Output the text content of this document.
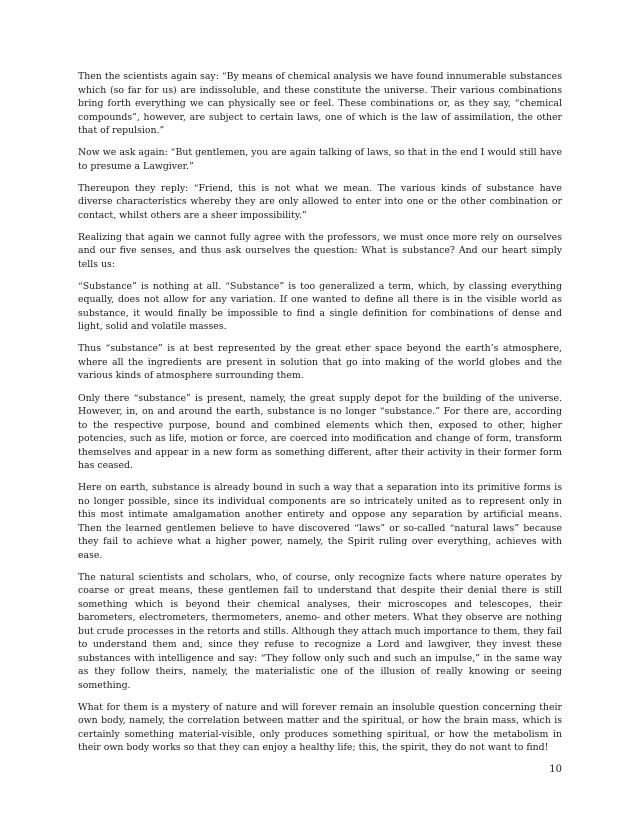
Then the scientists again say: “By means of chemical analysis we have found innumerable substances which (so far for us) are indissoluble, and these constitute the universe. Their various combinations bring forth everything we can physically see or feel. These combinations or, as they say, “chemical compounds”, however, are subject to certain laws, one of which is the law of assimilation, the other that of repulsion.”

Now we ask again: “But gentlemen, you are again talking of laws, so that in the end I would still have to presume a Lawgiver.”

Thereupon they reply: “Friend, this is not what we mean. The various kinds of substance have diverse characteristics whereby they are only allowed to enter into one or the other combination or contact, whilst others are a sheer impossibility.”

Realizing that again we cannot fully agree with the professors, we must once more rely on ourselves and our five senses, and thus ask ourselves the question: What is substance? And our heart simply tells us:

“Substance” is nothing at all. “Substance” is too generalized a term, which, by classing everything equally, does not allow for any variation. If one wanted to define all there is in the visible world as substance, it would finally be impossible to find a single definition for combinations of dense and light, solid and volatile masses.

Thus “substance” is at best represented by the great ether space beyond the earth’s atmosphere, where all the ingredients are present in solution that go into making of the world globes and the various kinds of atmosphere surrounding them.

Only there “substance” is present, namely, the great supply depot for the building of the universe. However, in, on and around the earth, substance is no longer “substance.” For there are, according to the respective purpose, bound and combined elements which then, exposed to other, higher potencies, such as life, motion or force, are coerced into modification and change of form, transform themselves and appear in a new form as something different, after their activity in their former form has ceased.

Here on earth, substance is already bound in such a way that a separation into its primitive forms is no longer possible, since its individual components are so intricately united as to represent only in this most intimate amalgamation another entirety and oppose any separation by artificial means. Then the learned gentlemen believe to have discovered “laws” or so-called “natural laws” because they fail to achieve what a higher power, namely, the Spirit ruling over everything, achieves with ease.

The natural scientists and scholars, who, of course, only recognize facts where nature operates by coarse or great means, these gentlemen fail to understand that despite their denial there is still something which is beyond their chemical analyses, their microscopes and telescopes, their barometers, electrometers, thermometers, anemo- and other meters. What they observe are nothing but crude processes in the retorts and stills. Although they attach much importance to them, they fail to understand them and, since they refuse to recognize a Lord and lawgiver, they invest these substances with intelligence and say: “They follow only such and such an impulse,” in the same way as they follow theirs, namely, the materialistic one of the illusion of really knowing or seeing something.

What for them is a mystery of nature and will forever remain an insoluble question concerning their own body, namely, the correlation between matter and the spiritual, or how the brain mass, which is certainly something material-visible, only produces something spiritual, or how the metabolism in their own body works so that they can enjoy a healthy life; this, the spirit, they do not want to find!

10
